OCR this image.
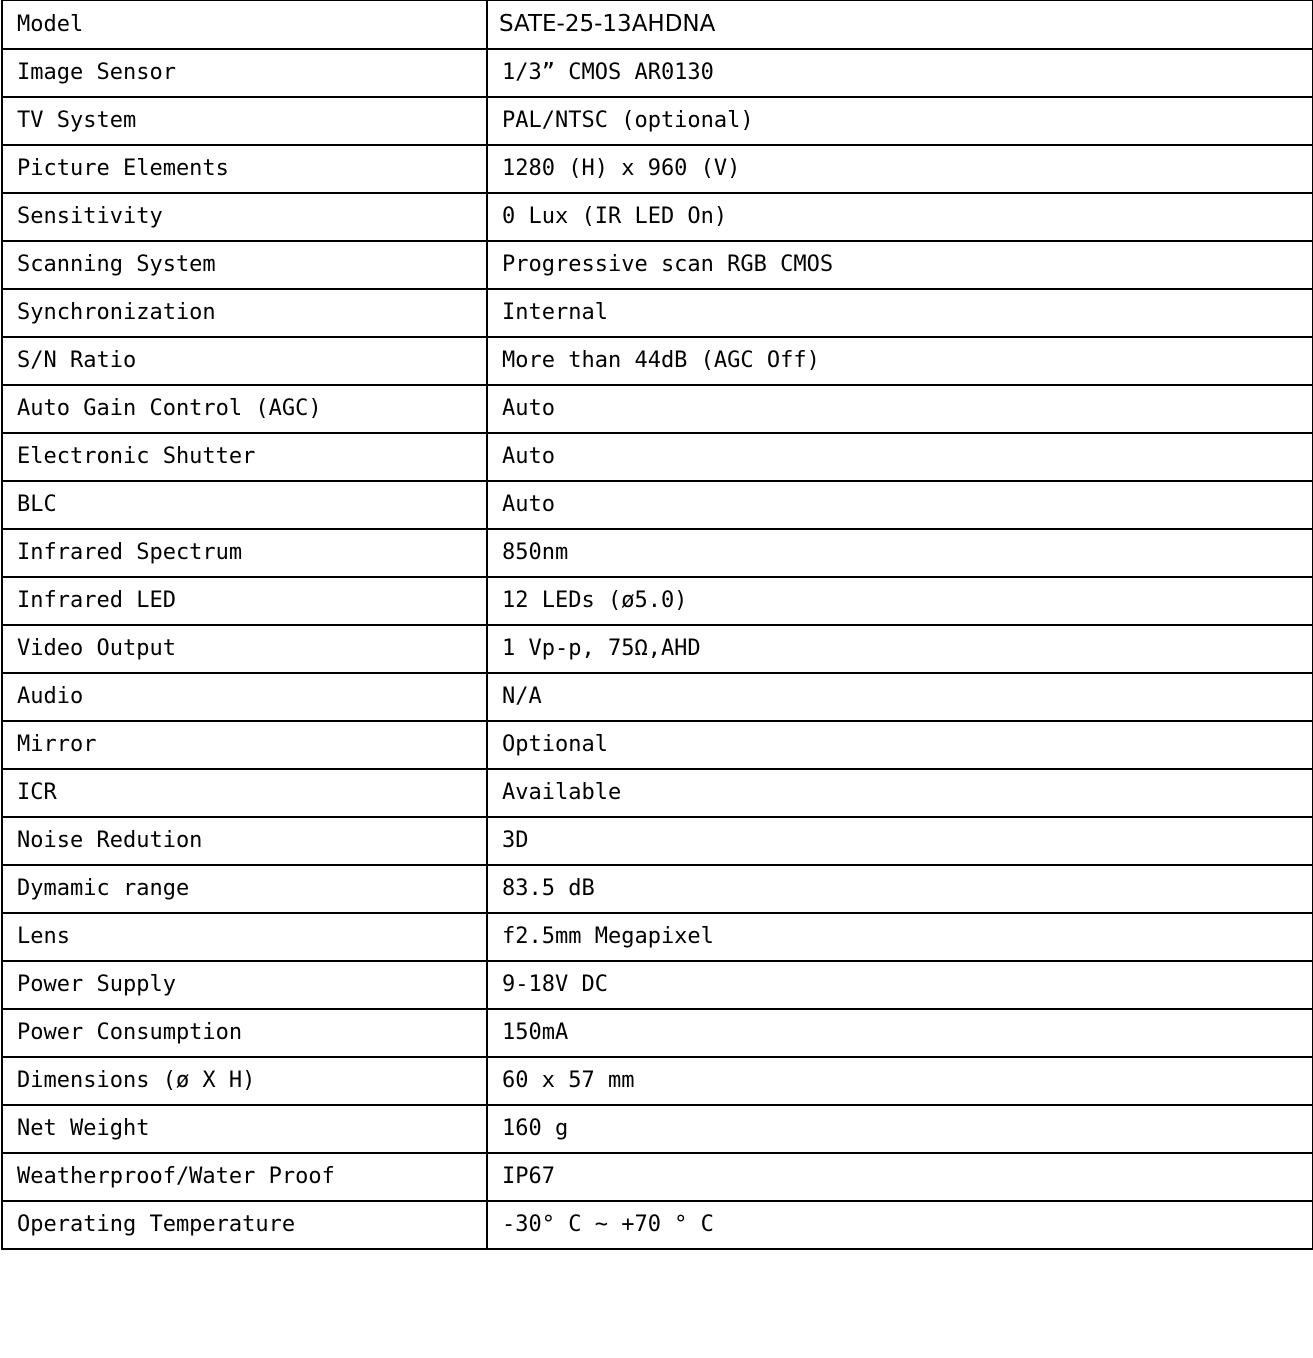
Model	SATE-25-13AHDNA
Image Sensor	1/3” CMOS AR0130
TV System	PAL/NTSC (optional)
Picture Elements	1280 (H) x 960 (V)
Sensitivity	0 Lux (IR LED On)
Scanning System	Progressive scan RGB CMOS
Synchronization	Internal
S/N Ratio	More than 44dB (AGC Off)
Auto Gain Control (AGC)	Auto
Electronic Shutter	Auto
BLC	Auto
Infrared Spectrum	850nm
Infrared LED	12 LEDs (ø5.0)
Video Output	1 Vp-p, 75Ω,AHD
Audio	N/A
Mirror	Optional
ICR	Available
Noise Redution	3D
Dymamic range	83.5 dB
Lens	f2.5mm Megapixel
Power Supply	9-18V DC
Power Consumption	150mA
Dimensions (ø X H)	60 x 57 mm
Net Weight	160 g
Weatherproof/Water Proof	IP67
Operating Temperature	-30° C ~ +70 ° C
